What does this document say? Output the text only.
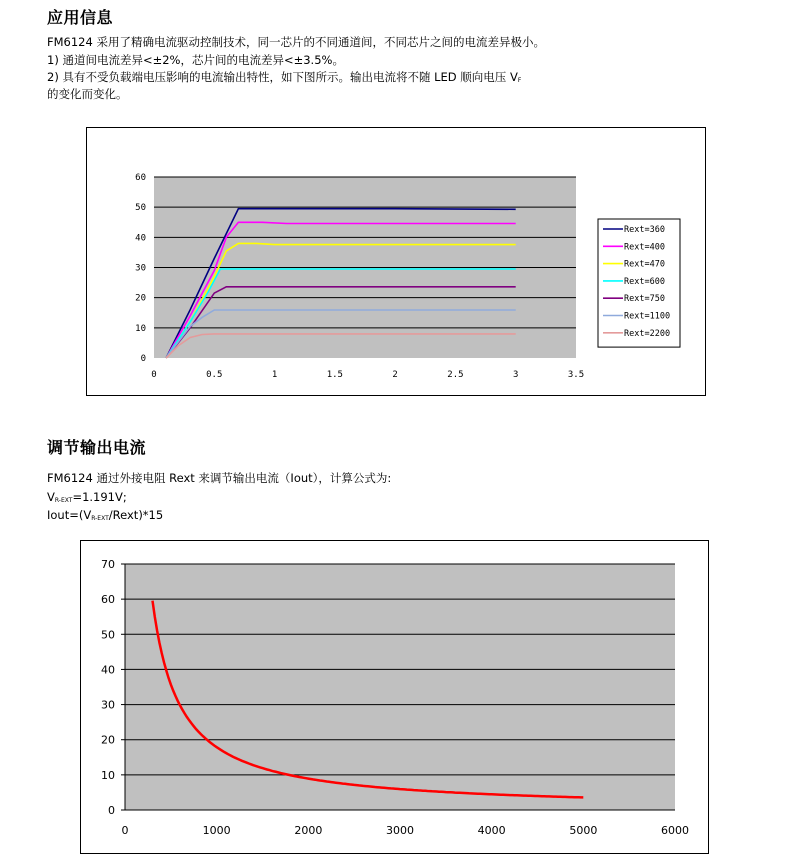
应用信息
FM6124 采用了精确电流驱动控制技术，同一芯片的不同通道间，不同芯片之间的电流差异极小。
1) 通道间电流差异<±2%，芯片间的电流差异<±3.5%。
2) 具有不受负载端电压影响的电流输出特性，如下图所示。输出电流将不随 LED 顺向电压 VF
的变化而变化。
0
10
20
30
40
50
60
0	0.5	1	1.5	2	2.5	3	3.5
Rext=360
Rext=400
Rext=470
Rext=600
Rext=750
Rext=1100
Rext=2200
调节输出电流
FM6124 通过外接电阻 Rext 来调节输出电流（Iout），计算公式为:
VR-EXT=1.191V;
Iout=(VR-EXT/Rext)*15
0
10
20
30
40
50
60
70
0	1000	2000	3000	4000	5000	6000
